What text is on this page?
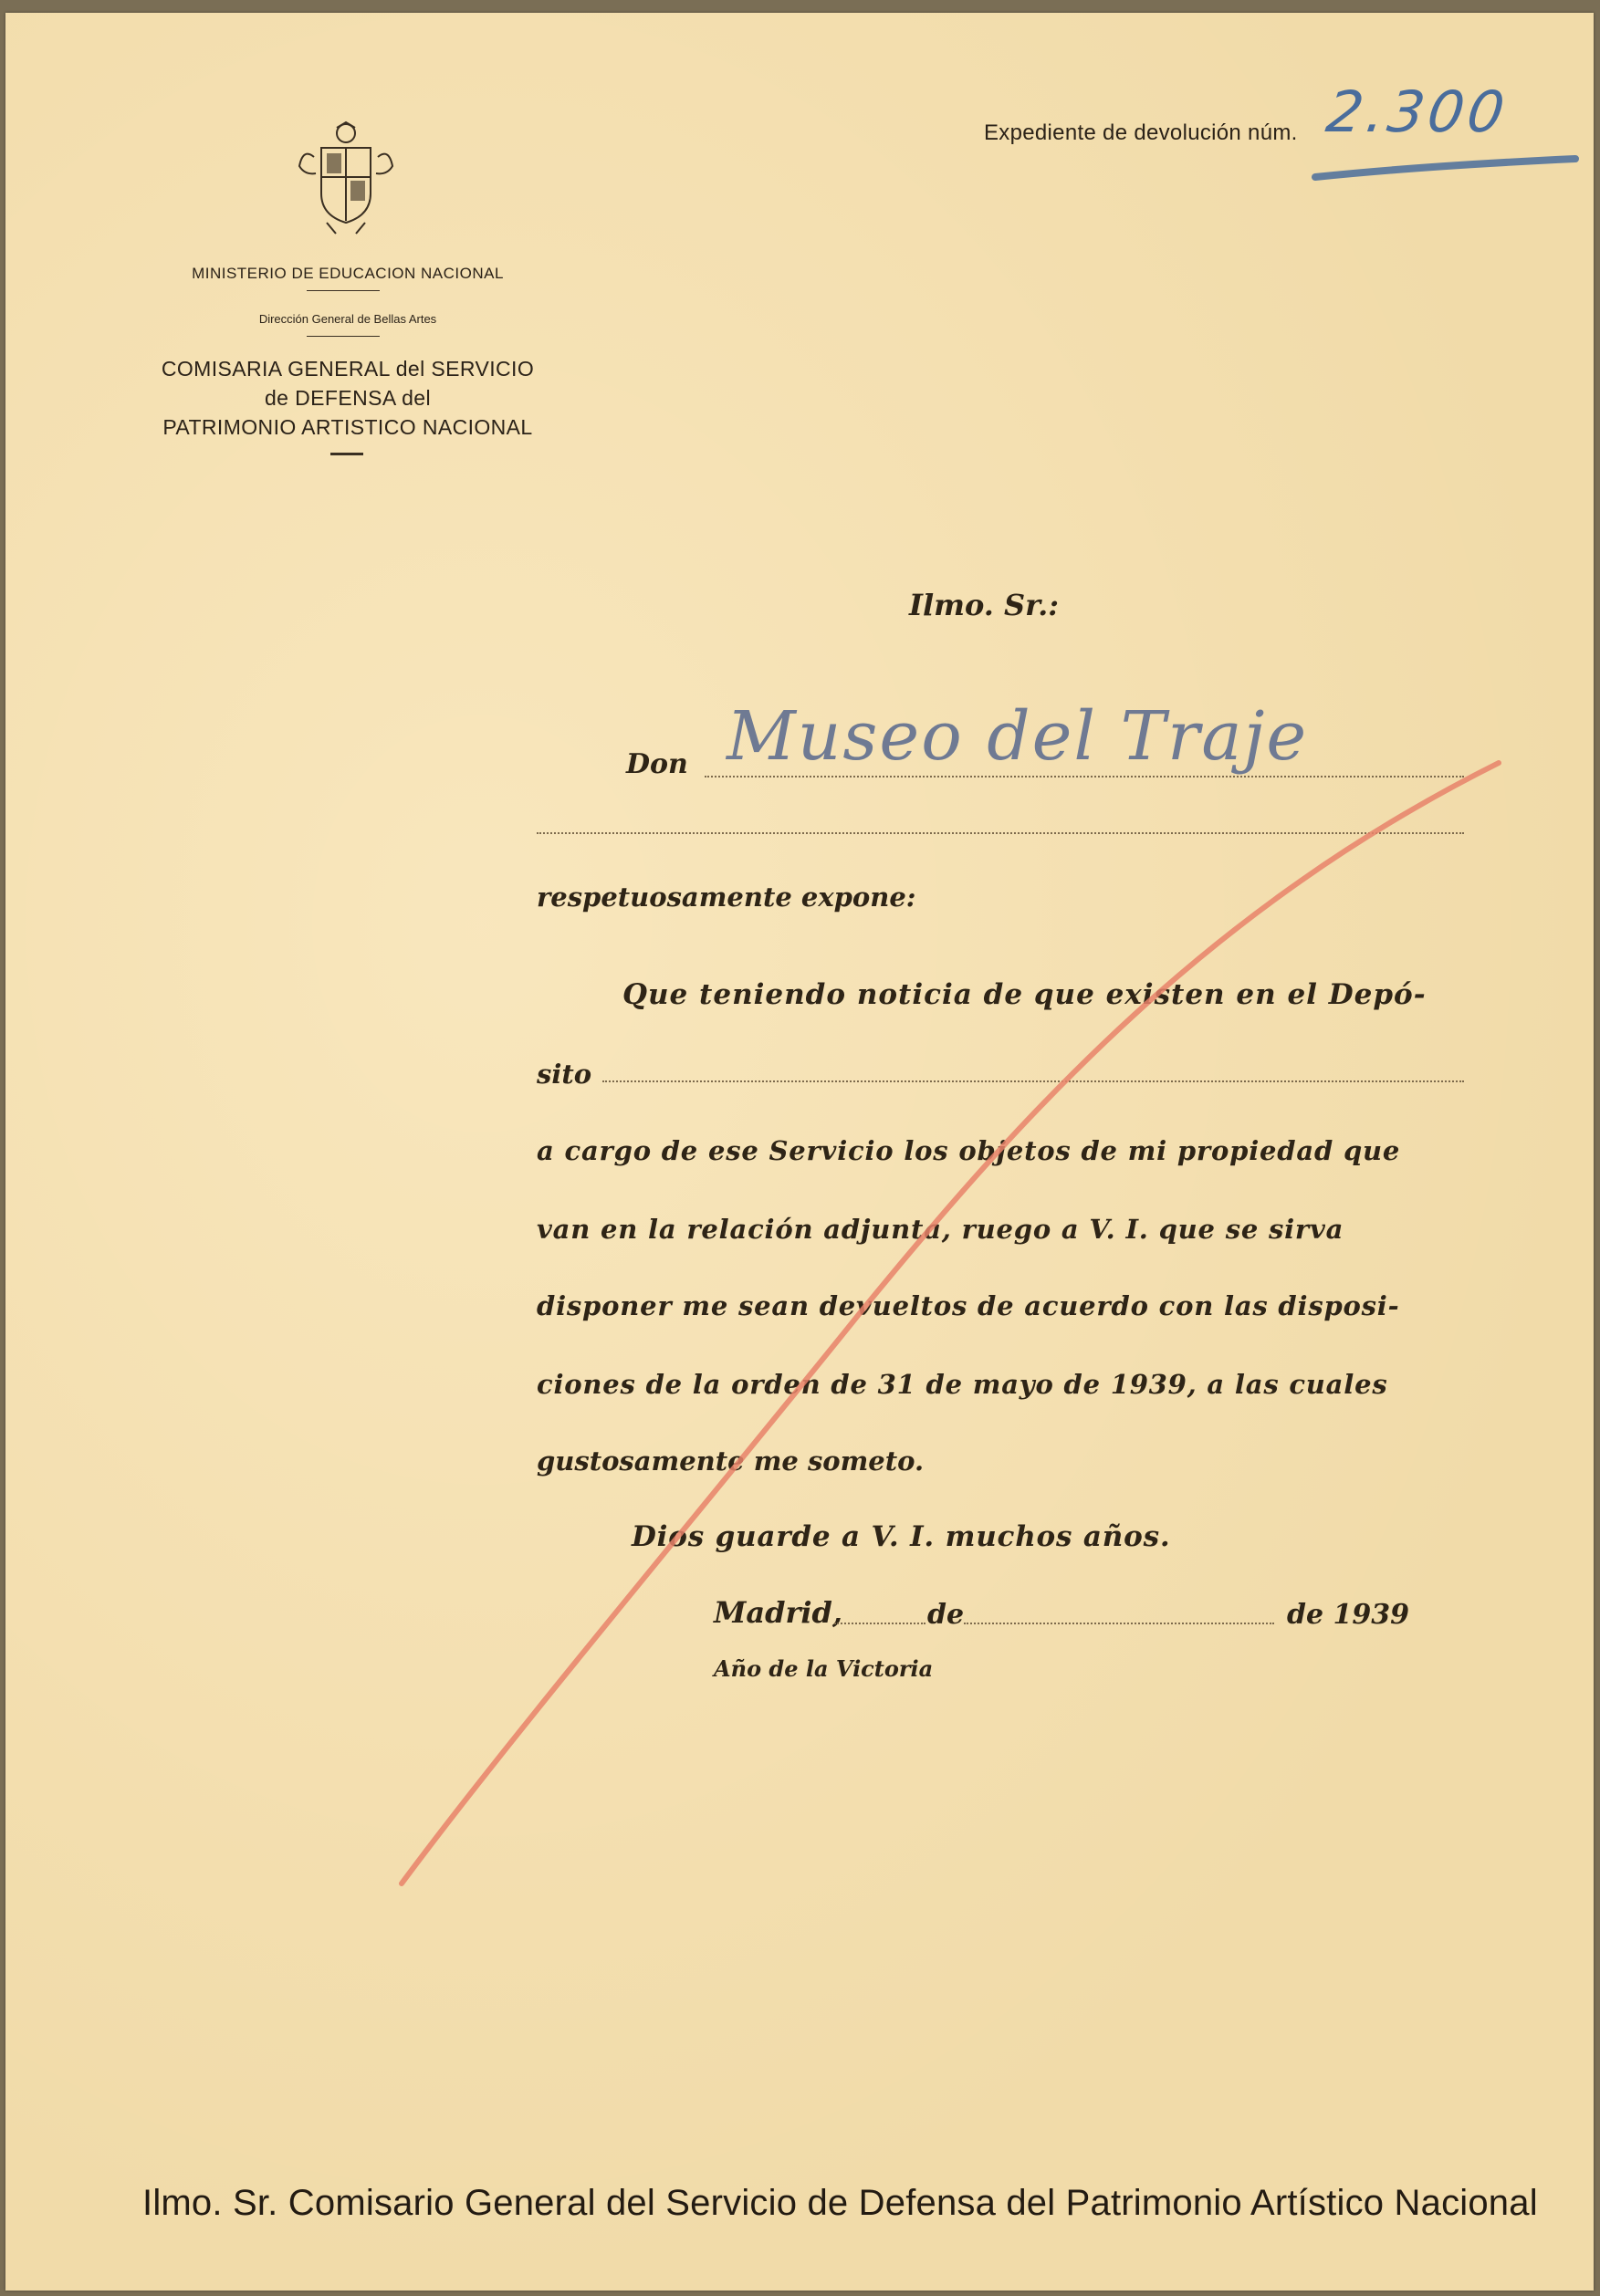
Expediente de devolución núm. 2.300
MINISTERIO DE EDUCACION NACIONAL
Dirección General de Bellas Artes
COMISARIA GENERAL del SERVICIO
de DEFENSA del
PATRIMONIO ARTISTICO NACIONAL
Ilmo. Sr.:
Don Museo del Traje
respetuosamente expone:
Que teniendo noticia de que existen en el Depó-
sito
a cargo de ese Servicio los objetos de mi propiedad que
van en la relación adjunta, ruego a V. I. que se sirva
disponer me sean devueltos de acuerdo con las disposi-
ciones de la orden de 31 de mayo de 1939, a las cuales
gustosamente me someto.
Dios guarde a V. I. muchos años.
Madrid,	de	de 1939
Año de la Victoria
Ilmo. Sr. Comisario General del Servicio de Defensa del Patrimonio Artístico Nacional
